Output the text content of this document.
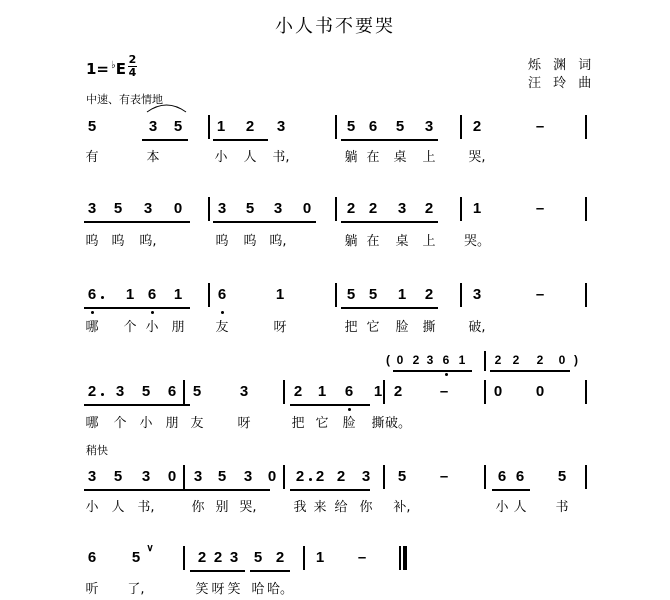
小人书不要哭
烁 渊 词
汪 玲 曲
1= ♭E
2
4
中速、有表情地
稍快
5	3 5 1 2 3	5 6 5 3	2	–
有	本	小 人 书,	躺 在 桌 上	哭,
3 5 3 0 3 5 3 0 2 2 3 2	1	–
呜 呜 呜,	呜 呜 呜,	躺 在 桌 上 哭。
6 1 6 1 6	1	5 5 1 2	3	–
哪 个 小 朋 友	呀	把 它 脸 撕	破,
2 3 5 6 5	3	2 1 6 1 2	–	0 0
哪 个 小 朋 友	呀	把 它 脸 撕 破。
( 0 2 3 6 1 2 2 2 0 )
3 5 3 0 3 5 3 0 2 2 2 3 5 –	6 6 5
小 人 书,	你 别 哭,	我 来 给 你 补,	小 人 书
6 5	2 2 3 5 2 1 –
听 了,	笑 呀 笑 哈 哈。
∨
